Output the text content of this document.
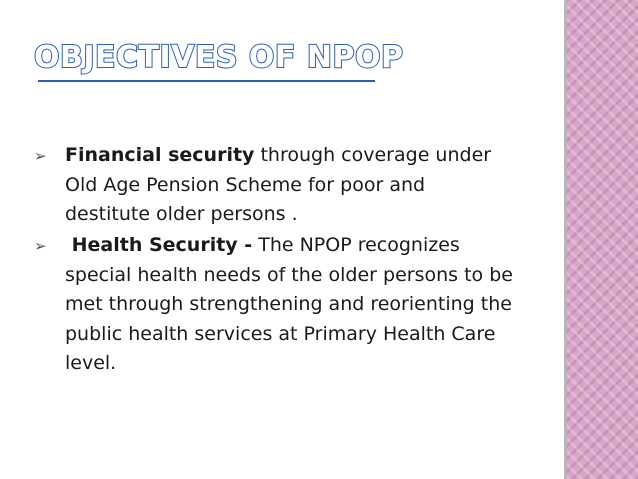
OBJECTIVES OF NPOP
➢ Financial security through coverage under Old Age Pension Scheme for poor and destitute older persons .
➢ Health Security - The NPOP recognizes special health needs of the older persons to be met through strengthening and reorienting the public health services at Primary Health Care level.
